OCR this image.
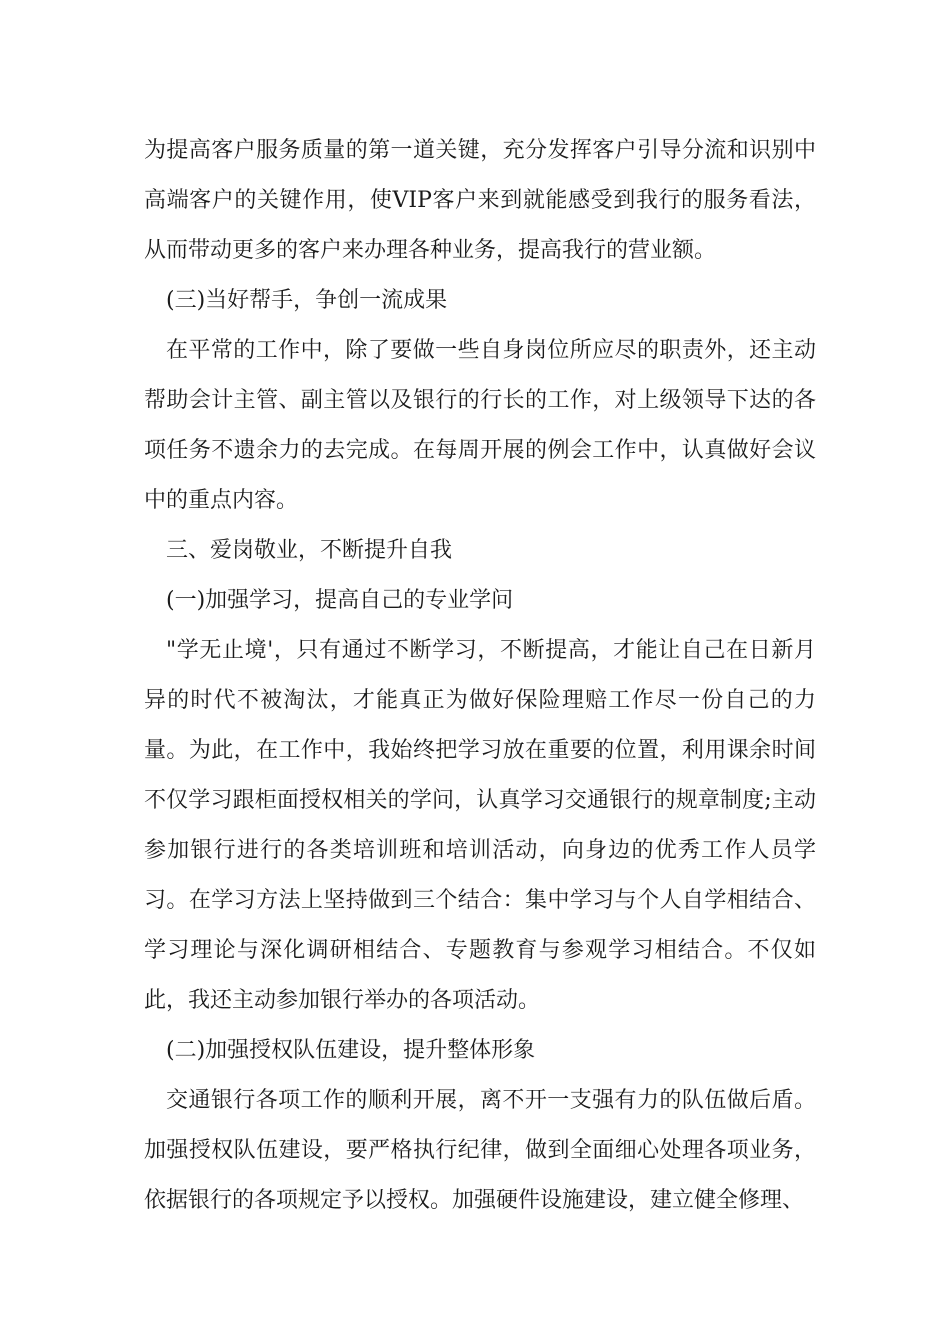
为提高客户服务质量的第一道关键，充分发挥客户引导分流和识别中高端客户的关键作用，使VIP客户来到就能感受到我行的服务看法，从而带动更多的客户来办理各种业务，提高我行的营业额。

(三)当好帮手，争创一流成果

在平常的工作中，除了要做一些自身岗位所应尽的职责外，还主动帮助会计主管、副主管以及银行的行长的工作，对上级领导下达的各项任务不遗余力的去完成。在每周开展的例会工作中，认真做好会议中的重点内容。

三、爱岗敬业，不断提升自我

(一)加强学习，提高自己的专业学问

"学无止境'，只有通过不断学习，不断提高，才能让自己在日新月异的时代不被淘汰，才能真正为做好保险理赔工作尽一份自己的力量。为此，在工作中，我始终把学习放在重要的位置，利用课余时间不仅学习跟柜面授权相关的学问，认真学习交通银行的规章制度;主动参加银行进行的各类培训班和培训活动，向身边的优秀工作人员学习。在学习方法上坚持做到三个结合：集中学习与个人自学相结合、学习理论与深化调研相结合、专题教育与参观学习相结合。不仅如此，我还主动参加银行举办的各项活动。

(二)加强授权队伍建设，提升整体形象

交通银行各项工作的顺利开展，离不开一支强有力的队伍做后盾。加强授权队伍建设，要严格执行纪律，做到全面细心处理各项业务，依据银行的各项规定予以授权。加强硬件设施建设，建立健全修理、
